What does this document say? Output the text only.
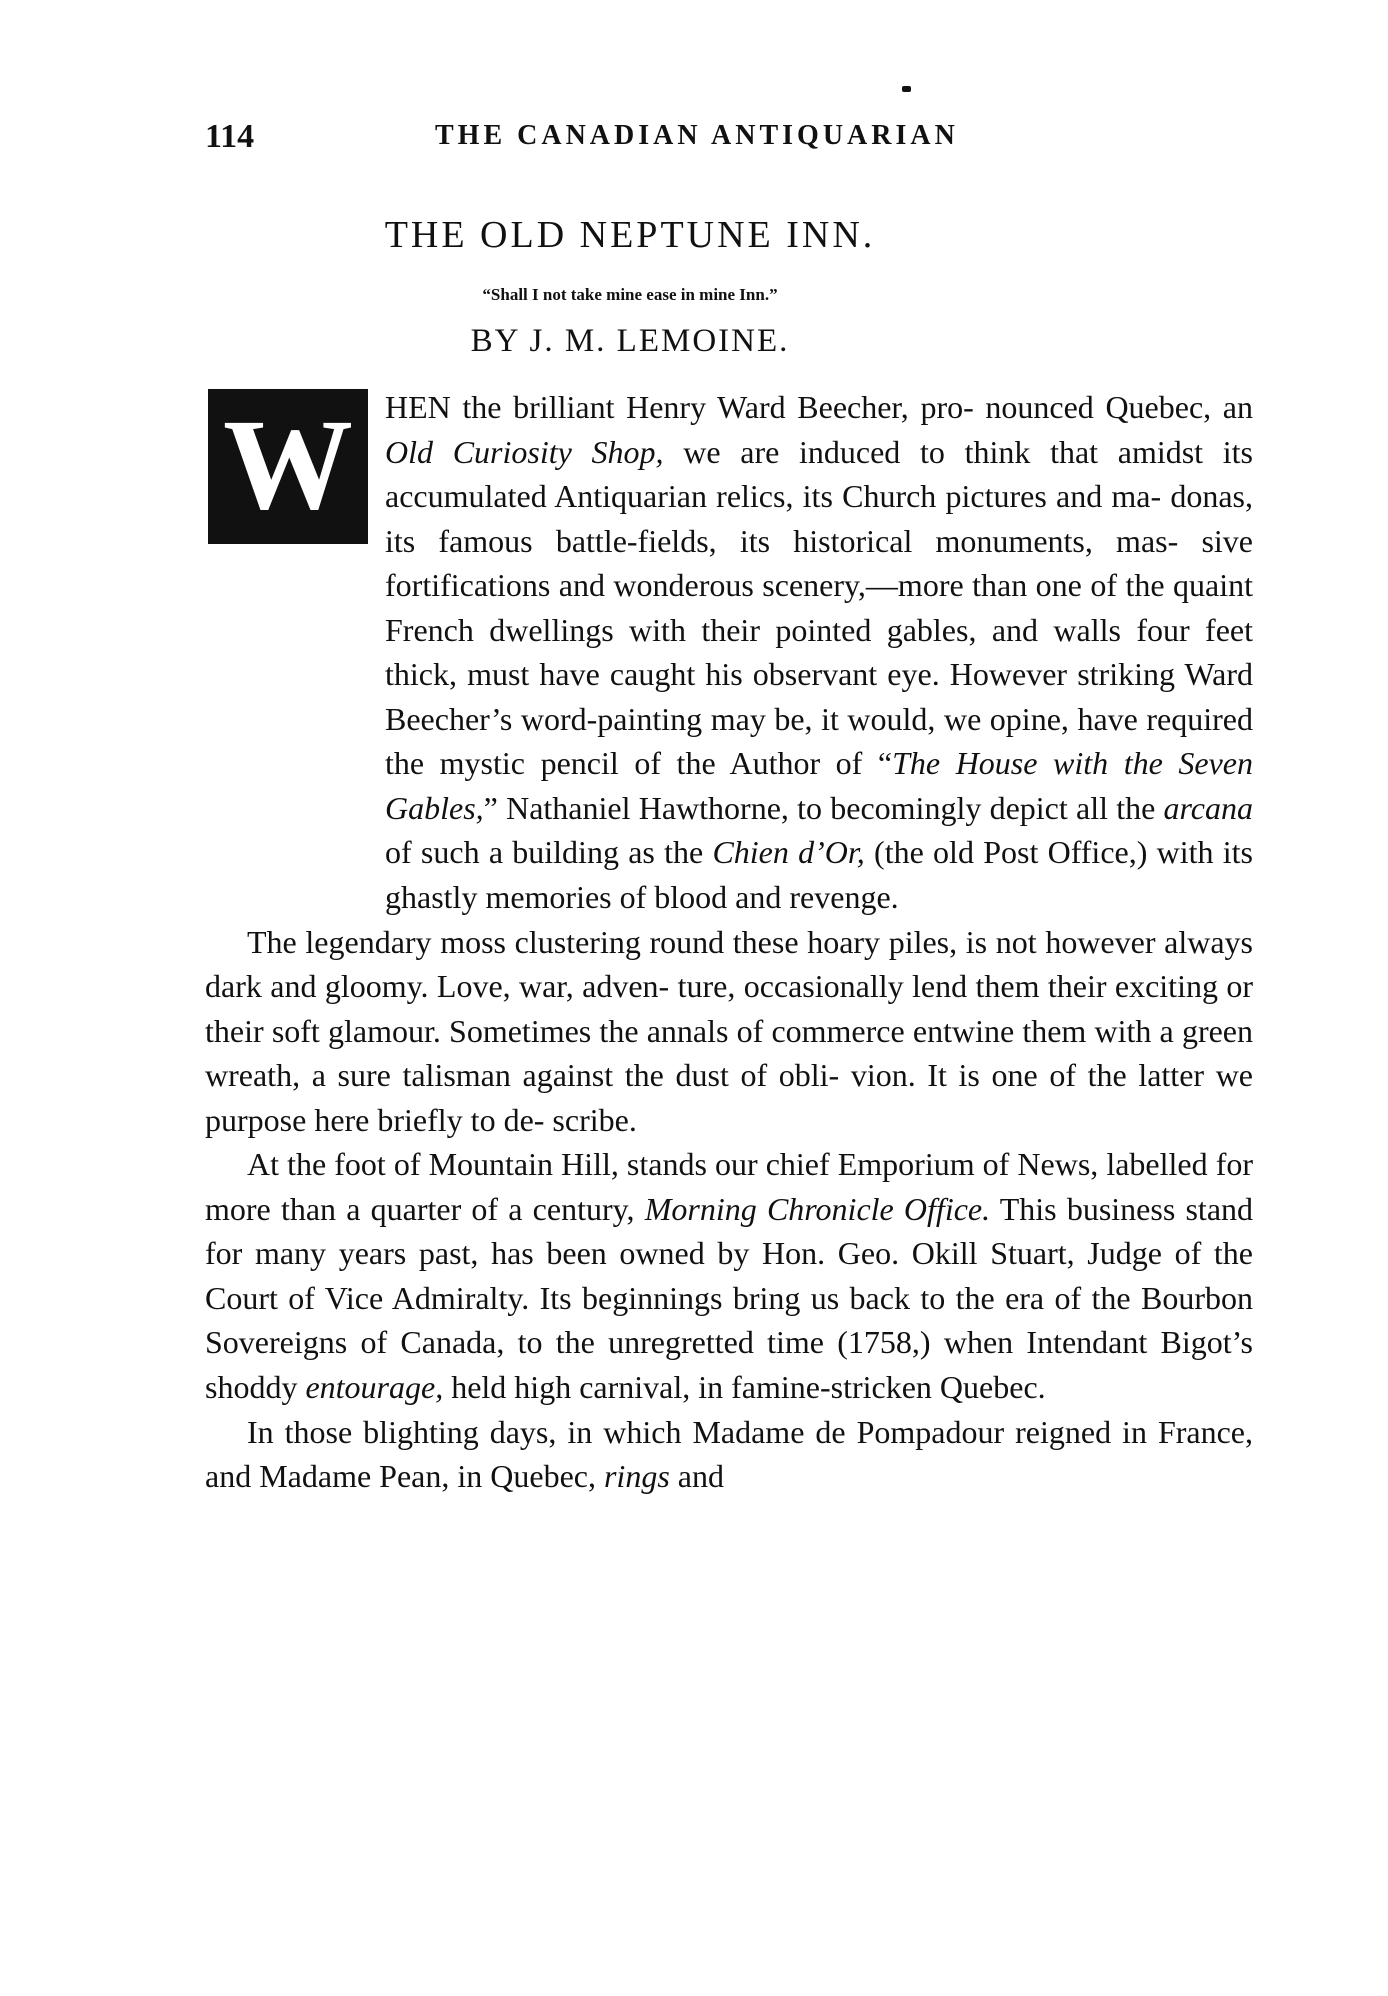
114	THE CANADIAN ANTIQUARIAN
THE OLD NEPTUNE INN.
“Shall I not take mine ease in mine Inn.”
BY J. M. LEMOINE.
W	HEN the brilliant Henry Ward Beecher, pro- nounced Quebec, an Old Curiosity Shop, we are induced to think that amidst its accumulated Antiquarian relics, its Church pictures and ma- donas, its famous battle-fields, its historical monuments, mas- sive fortifications and wonderous scenery,—more than one of the quaint French dwellings with their pointed gables, and walls four feet thick, must have caught his observant eye. However striking Ward Beecher’s word-painting may be, it would, we opine, have required the mystic pencil of the Author of “The House with the Seven Gables,” Nathaniel Hawthorne, to becomingly depict all the arcana of such a building as the Chien d’Or, (the old Post Office,) with its ghastly memories of blood and revenge.

The legendary moss clustering round these hoary piles, is not however always dark and gloomy. Love, war, adven- ture, occasionally lend them their exciting or their soft glamour. Sometimes the annals of commerce entwine them with a green wreath, a sure talisman against the dust of obli- vion. It is one of the latter we purpose here briefly to de- scribe.

At the foot of Mountain Hill, stands our chief Emporium of News, labelled for more than a quarter of a century, Morning Chronicle Office. This business stand for many years past, has been owned by Hon. Geo. Okill Stuart, Judge of the Court of Vice Admiralty. Its beginnings bring us back to the era of the Bourbon Sovereigns of Canada, to the unregretted time (1758,) when Intendant Bigot’s shoddy entourage, held high carnival, in famine-stricken Quebec.

In those blighting days, in which Madame de Pompadour reigned in France, and Madame Pean, in Quebec, rings and
